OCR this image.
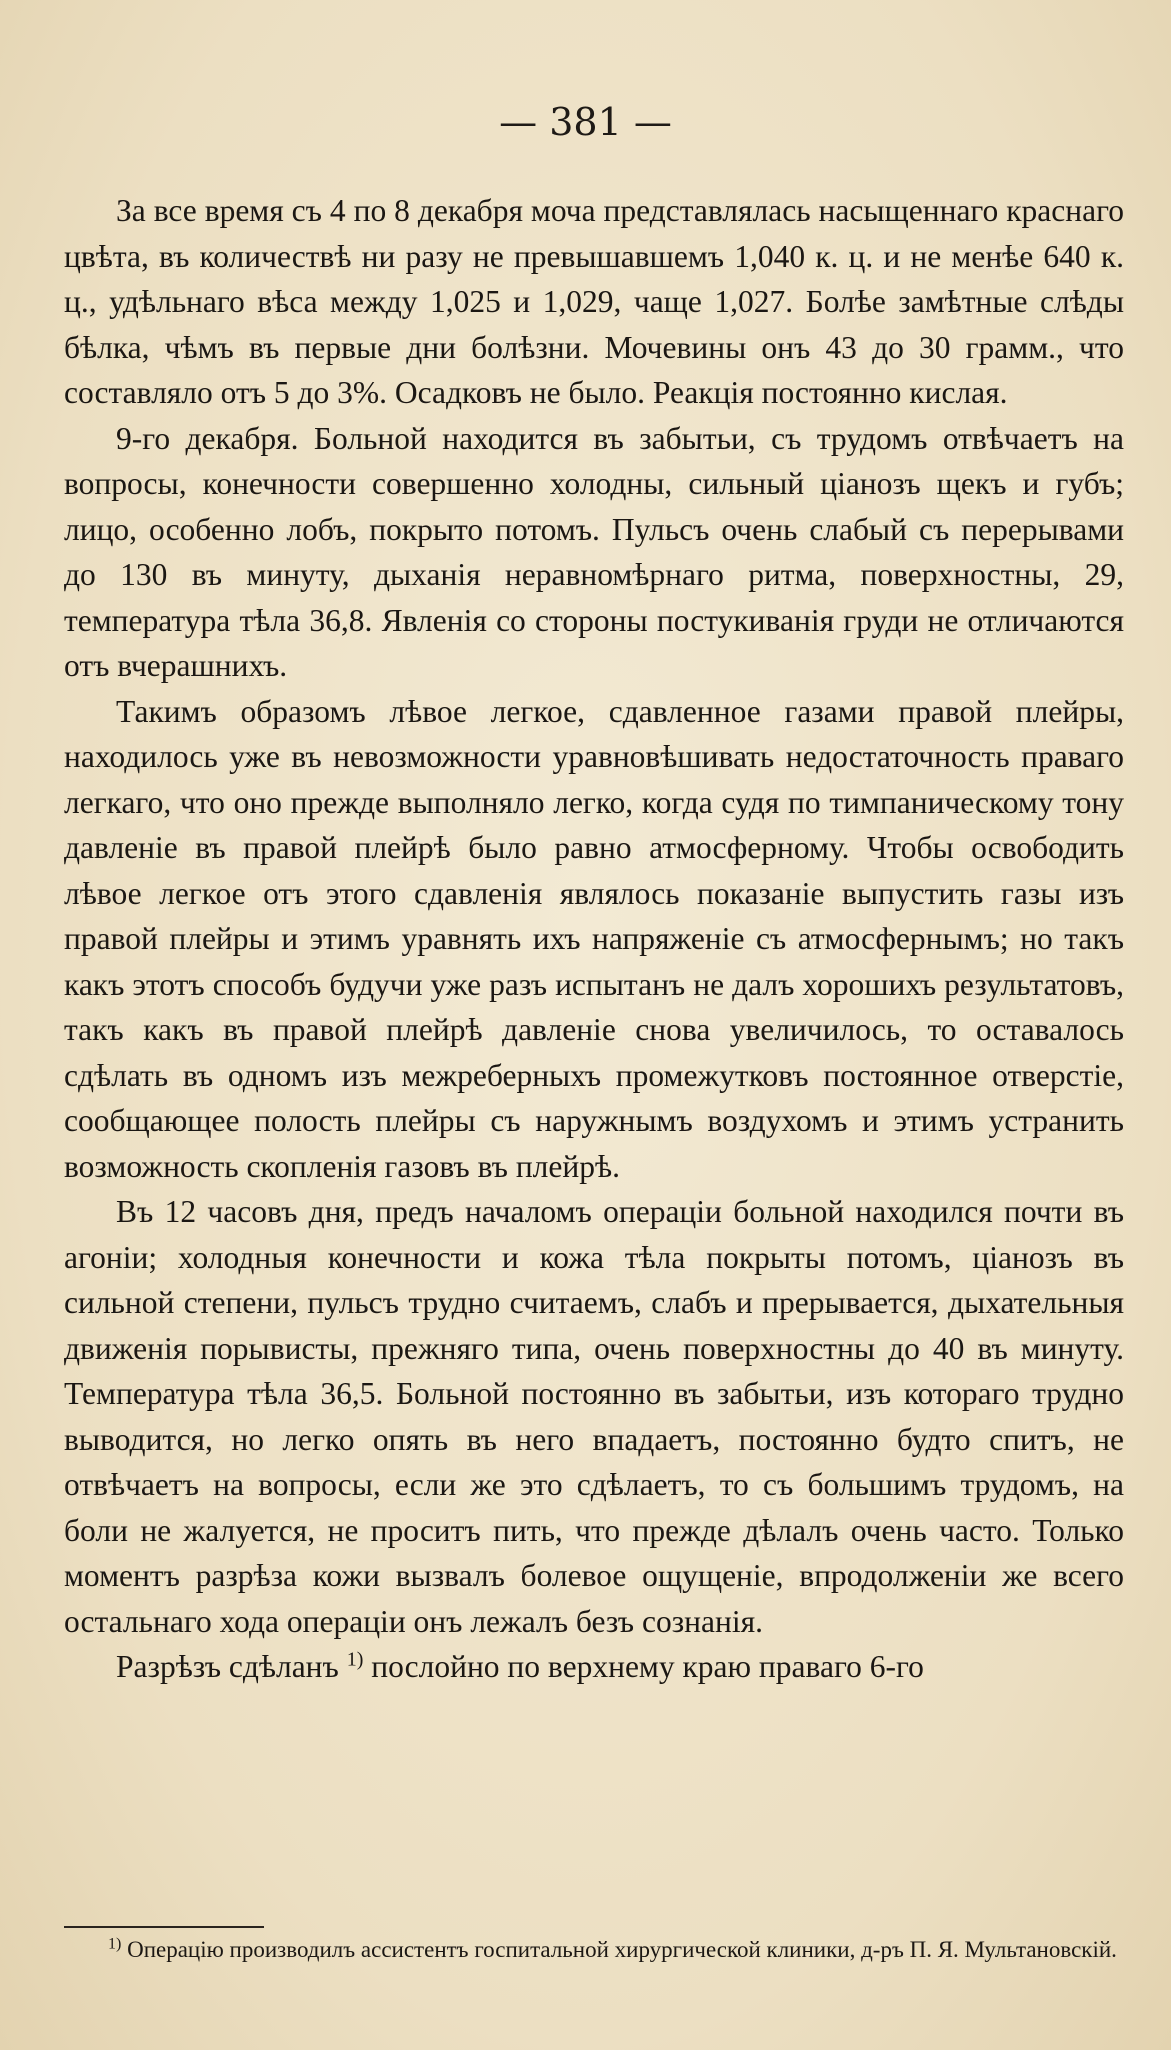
— 381 —

За все время съ 4 по 8 декабря моча представлялась насыщеннаго краснаго цвѣта, въ количествѣ ни разу не превышавшемъ 1,040 к. ц. и не менѣе 640 к. ц., удѣльнаго вѣса между 1,025 и 1,029, чаще 1,027. Болѣе замѣтные слѣды бѣлка, чѣмъ въ первые дни болѣзни. Мочевины онъ 43 до 30 грамм., что составляло отъ 5 до 3%. Осадковъ не было. Реакція постоянно кислая.

9-го декабря. Больной находится въ забытьи, съ трудомъ отвѣчаетъ на вопросы, конечности совершенно холодны, сильный ціанозъ щекъ и губъ; лицо, особенно лобъ, покрыто потомъ. Пульсъ очень слабый съ перерывами до 130 въ минуту, дыханія неравномѣрнаго ритма, поверхностны, 29, температура тѣла 36,8. Явленія со стороны постукиванія груди не отличаются отъ вчерашнихъ.

Такимъ образомъ лѣвое легкое, сдавленное газами правой плейры, находилось уже въ невозможности уравновѣшивать недостаточность праваго легкаго, что оно прежде выполняло легко, когда судя по тимпаническому тону давленіе въ правой плейрѣ было равно атмосферному. Чтобы освободить лѣвое легкое отъ этого сдавленія являлось показаніе выпустить газы изъ правой плейры и этимъ уравнять ихъ напряженіе съ атмосфернымъ; но такъ какъ этотъ способъ будучи уже разъ испытанъ не далъ хорошихъ результатовъ, такъ какъ въ правой плейрѣ давленіе снова увеличилось, то оставалось сдѣлать въ одномъ изъ межреберныхъ промежутковъ постоянное отверстіе, сообщающее полость плейры съ наружнымъ воздухомъ и этимъ устранить возможность скопленія газовъ въ плейрѣ.

Въ 12 часовъ дня, предъ началомъ операціи больной находился почти въ агоніи; холодныя конечности и кожа тѣла покрыты потомъ, ціанозъ въ сильной степени, пульсъ трудно считаемъ, слабъ и прерывается, дыхательныя движенія порывисты, прежняго типа, очень поверхностны до 40 въ минуту. Температура тѣла 36,5. Больной постоянно въ забытьи, изъ котораго трудно выводится, но легко опять въ него впадаетъ, постоянно будто спитъ, не отвѣчаетъ на вопросы, если же это сдѣлаетъ, то съ большимъ трудомъ, на боли не жалуется, не проситъ пить, что прежде дѣлалъ очень часто. Только моментъ разрѣза кожи вызвалъ болевое ощущеніе, впродолженіи же всего остальнаго хода операціи онъ лежалъ безъ сознанія.

Разрѣзъ сдѣланъ $^{1)}$ послойно по верхнему краю праваго 6-го

$^{1)}$ Операцію производилъ ассистентъ госпитальной хирургической клиники, д-ръ П. Я. Мультановскій.
